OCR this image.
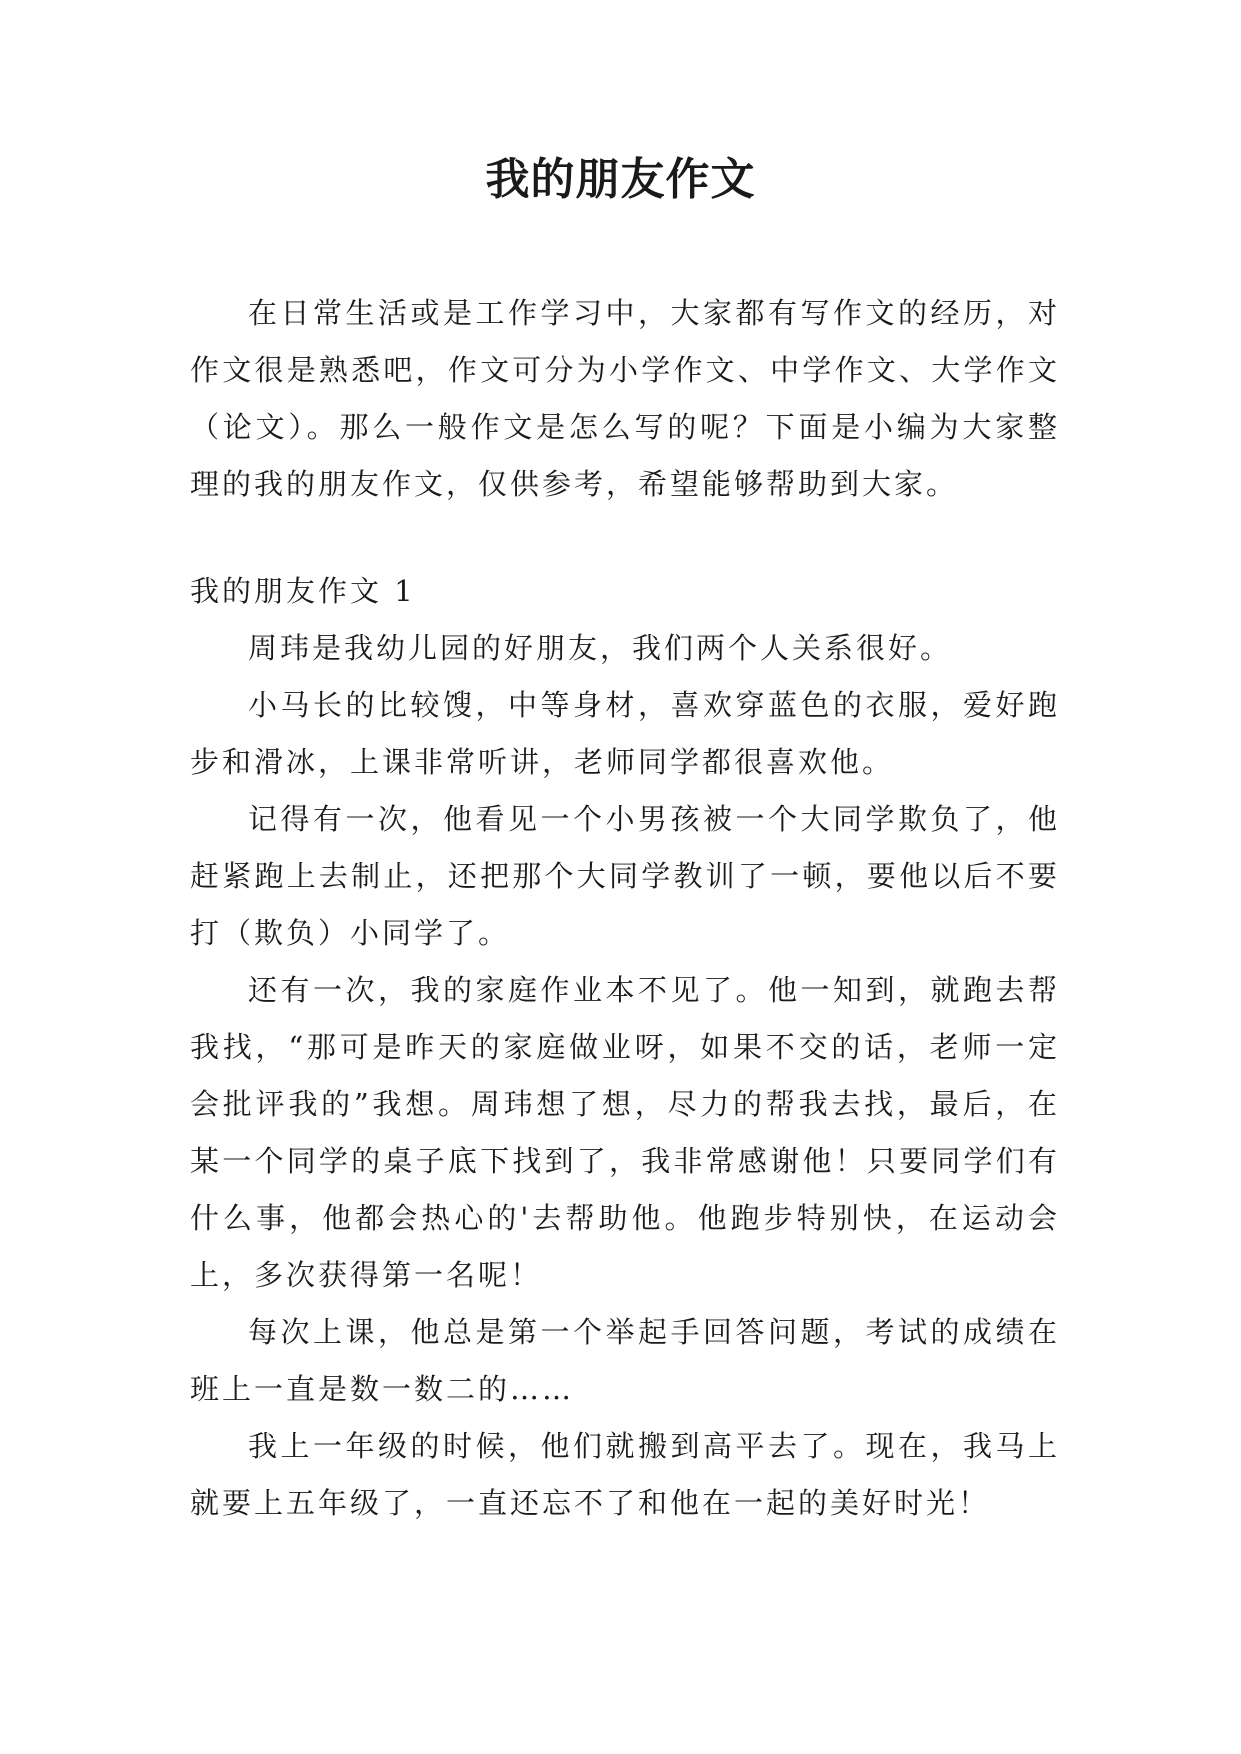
我的朋友作文

在日常生活或是工作学习中，大家都有写作文的经历，对作文很是熟悉吧，作文可分为小学作文、中学作文、大学作文（论文）。那么一般作文是怎么写的呢？下面是小编为大家整理的我的朋友作文，仅供参考，希望能够帮助到大家。

我的朋友作文 1

周玮是我幼儿园的好朋友，我们两个人关系很好。

小马长的比较馊，中等身材，喜欢穿蓝色的衣服，爱好跑步和滑冰，上课非常听讲，老师同学都很喜欢他。

记得有一次，他看见一个小男孩被一个大同学欺负了，他赶紧跑上去制止，还把那个大同学教训了一顿，要他以后不要打（欺负）小同学了。

还有一次，我的家庭作业本不见了。他一知到，就跑去帮我找，“那可是昨天的家庭做业呀，如果不交的话，老师一定会批评我的”我想。周玮想了想，尽力的帮我去找，最后，在某一个同学的桌子底下找到了，我非常感谢他！只要同学们有什么事，他都会热心的'去帮助他。他跑步特别快，在运动会上，多次获得第一名呢！

每次上课，他总是第一个举起手回答问题，考试的成绩在班上一直是数一数二的……

我上一年级的时候，他们就搬到高平去了。现在，我马上就要上五年级了，一直还忘不了和他在一起的美好时光！
